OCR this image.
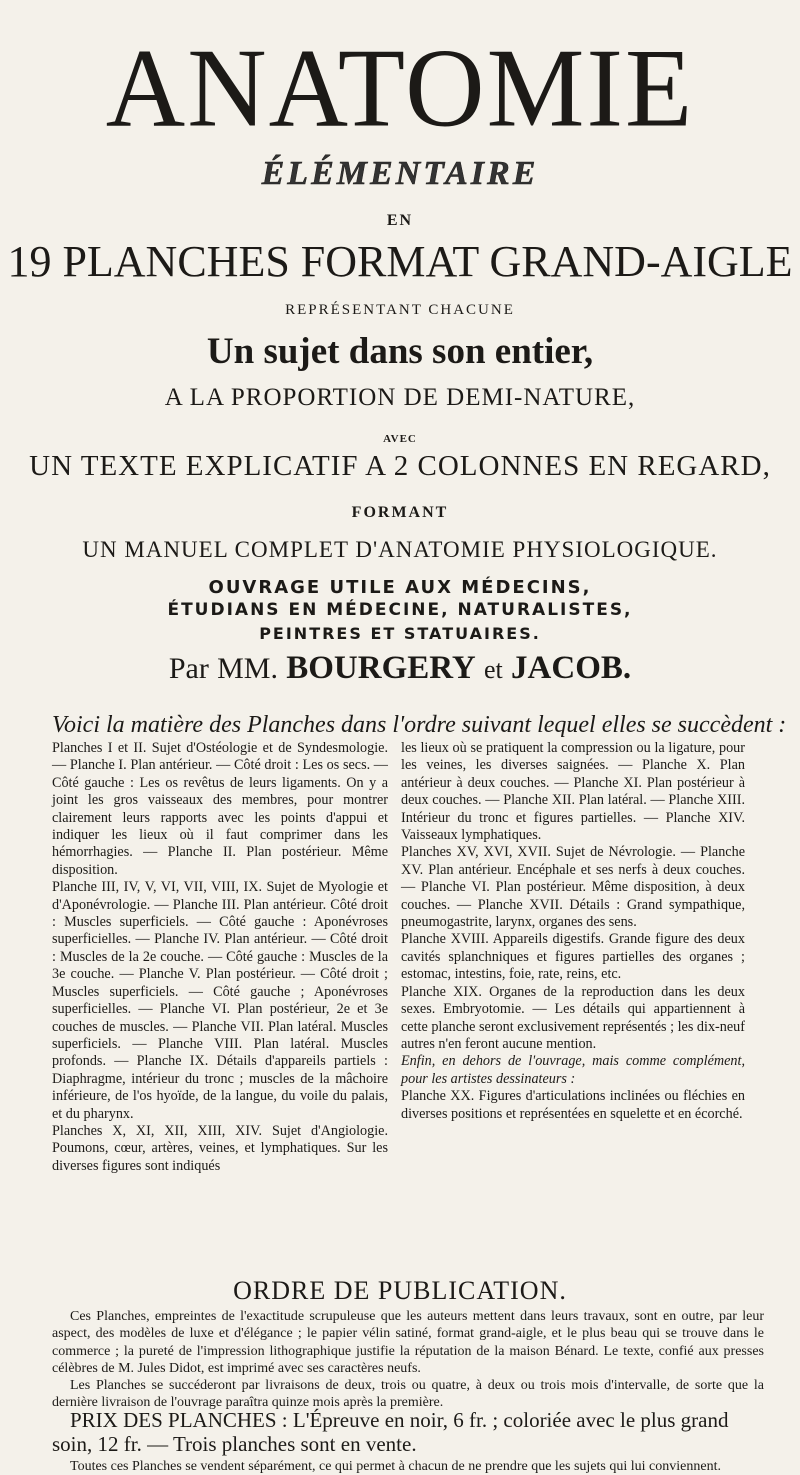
ANATOMIE
ÉLÉMENTAIRE
EN
19 PLANCHES FORMAT GRAND-AIGLE
REPRÉSENTANT CHACUNE
Un sujet dans son entier,
A LA PROPORTION DE DEMI-NATURE,
AVEC
UN TEXTE EXPLICATIF A 2 COLONNES EN REGARD,
FORMANT
UN MANUEL COMPLET D'ANATOMIE PHYSIOLOGIQUE.
OUVRAGE UTILE AUX MÉDECINS,
ÉTUDIANS EN MÉDECINE, NATURALISTES,
PEINTRES ET STATUAIRES.
Par MM. BOURGERY et JACOB.
Voici la matière des Planches dans l'ordre suivant lequel elles se succèdent :

Planches I et II. Sujet d'Ostéologie et de Syndesmologie. — Planche I. Plan antérieur. — Côté droit : Les os secs. — Côté gauche : Les os revêtus de leurs ligaments. On y a joint les gros vaisseaux des membres, pour montrer clairement leurs rapports avec les points d'appui et indiquer les lieux où il faut comprimer dans les hémorrhagies. — Planche II. Plan postérieur. Même disposition.

Planche III, IV, V, VI, VII, VIII, IX. Sujet de Myologie et d'Aponévrologie. — Planche III. Plan antérieur. Côté droit : Muscles superficiels. — Côté gauche : Aponévroses superficielles. — Planche IV. Plan antérieur. — Côté droit : Muscles de la 2e couche. — Côté gauche : Muscles de la 3e couche. — Planche V. Plan postérieur. — Côté droit ; Muscles superficiels. — Côté gauche ; Aponévroses superficielles. — Planche VI. Plan postérieur, 2e et 3e couches de muscles. — Planche VII. Plan latéral. Muscles superficiels. — Planche VIII. Plan latéral. Muscles profonds. — Planche IX. Détails d'appareils partiels : Diaphragme, intérieur du tronc ; muscles de la mâchoire inférieure, de l'os hyoïde, de la langue, du voile du palais, et du pharynx.

Planches X, XI, XII, XIII, XIV. Sujet d'Angiologie. Poumons, cœur, artères, veines, et lymphatiques. Sur les diverses figures sont indiqués

les lieux où se pratiquent la compression ou la ligature, pour les veines, les diverses saignées. — Planche X. Plan antérieur à deux couches. — Planche XI. Plan postérieur à deux couches. — Planche XII. Plan latéral. — Planche XIII. Intérieur du tronc et figures partielles. — Planche XIV. Vaisseaux lymphatiques.

Planches XV, XVI, XVII. Sujet de Névrologie. — Planche XV. Plan antérieur. Encéphale et ses nerfs à deux couches. — Planche VI. Plan postérieur. Même disposition, à deux couches. — Planche XVII. Détails : Grand sympathique, pneumogastrite, larynx, organes des sens.

Planche XVIII. Appareils digestifs. Grande figure des deux cavités splanchniques et figures partielles des organes ; estomac, intestins, foie, rate, reins, etc.

Planche XIX. Organes de la reproduction dans les deux sexes. Embryotomie. — Les détails qui appartiennent à cette planche seront exclusivement représentés ; les dix-neuf autres n'en feront aucune mention.

Enfin, en dehors de l'ouvrage, mais comme complément, pour les artistes dessinateurs :

Planche XX. Figures d'articulations inclinées ou fléchies en diverses positions et représentées en squelette et en écorché.

ORDRE DE PUBLICATION.

Ces Planches, empreintes de l'exactitude scrupuleuse que les auteurs mettent dans leurs travaux, sont en outre, par leur aspect, des modèles de luxe et d'élégance ; le papier vélin satiné, format grand-aigle, et le plus beau qui se trouve dans le commerce ; la pureté de l'impression lithographique justifie la réputation de la maison Bénard. Le texte, confié aux presses célèbres de M. Jules Didot, est imprimé avec ses caractères neufs.

Les Planches se succéderont par livraisons de deux, trois ou quatre, à deux ou trois mois d'intervalle, de sorte que la dernière livraison de l'ouvrage paraîtra quinze mois après la première.

PRIX DES PLANCHES : L'Épreuve en noir, 6 fr. ; coloriée avec le plus grand soin, 12 fr. — Trois planches sont en vente.
Toutes ces Planches se vendent séparément, ce qui permet à chacun de ne prendre que les sujets qui lui conviennent.
